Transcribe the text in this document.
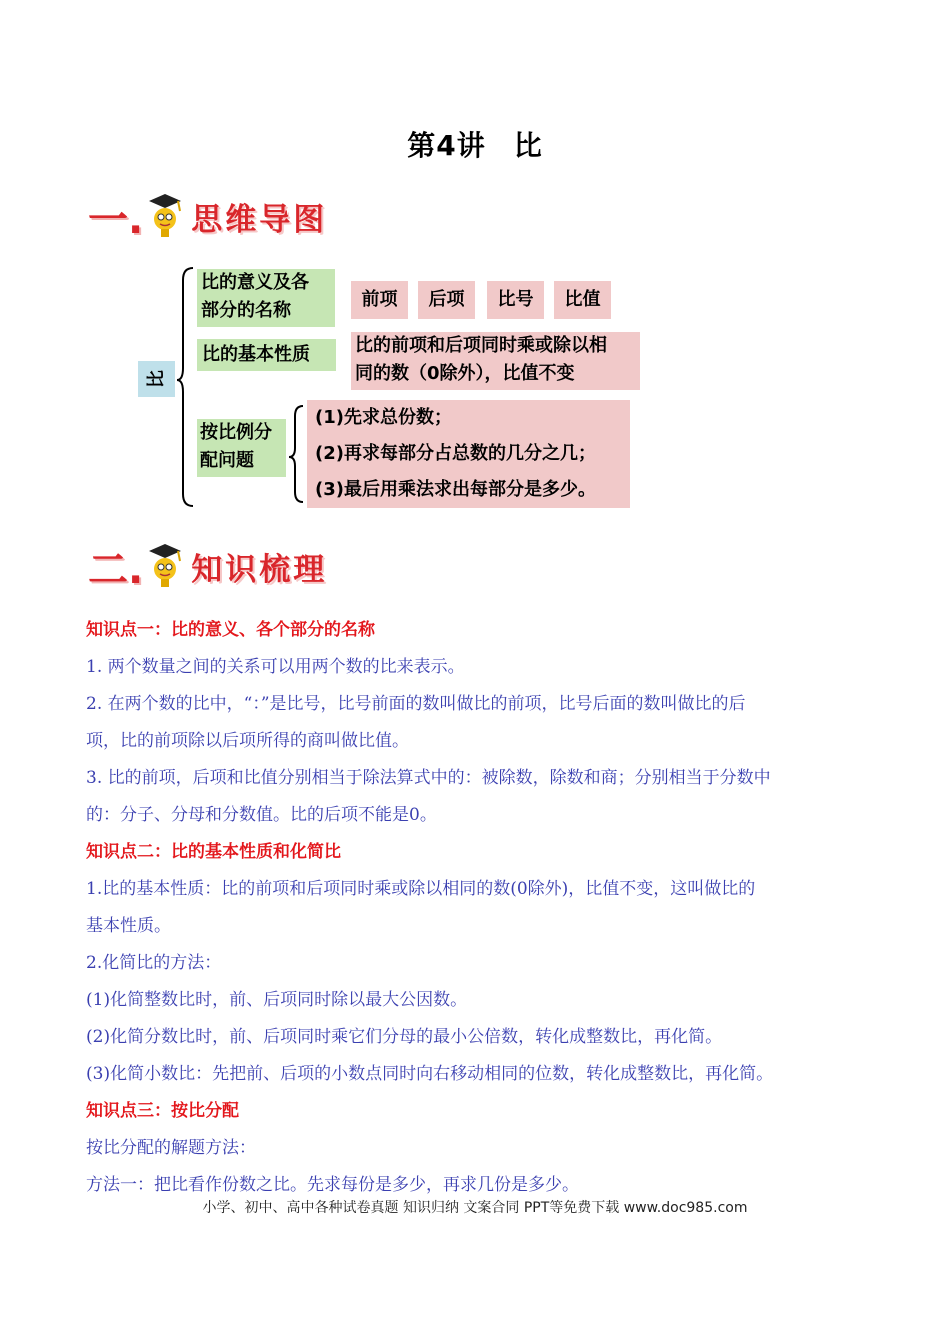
第4讲 比
一. 思维导图
比
比的意义及各
部分的名称
前项	后项	比号	比值
比的基本性质	比的前项和后项同时乘或除以相
同的数（0除外），比值不变
按比例分
配问题
(1)先求总份数；
(2)再求每部分占总数的几分之几；
(3)最后用乘法求出每部分是多少。
二. 知识梳理
知识点一：比的意义、各个部分的名称
1. 两个数量之间的关系可以用两个数的比来表示。
2. 在两个数的比中，“：”是比号，比号前面的数叫做比的前项，比号后面的数叫做比的后
项，比的前项除以后项所得的商叫做比值。
3. 比的前项，后项和比值分别相当于除法算式中的：被除数，除数和商；分别相当于分数中
的：分子、分母和分数值。比的后项不能是0。
知识点二：比的基本性质和化简比
1.比的基本性质：比的前项和后项同时乘或除以相同的数(0除外)，比值不变，这叫做比的
基本性质。
2.化简比的方法：
(1)化简整数比时，前、后项同时除以最大公因数。
(2)化简分数比时，前、后项同时乘它们分母的最小公倍数，转化成整数比，再化简。
(3)化简小数比：先把前、后项的小数点同时向右移动相同的位数，转化成整数比，再化简。
知识点三：按比分配
按比分配的解题方法：
方法一：把比看作份数之比。先求每份是多少，再求几份是多少。
小学、初中、高中各种试卷真题 知识归纳 文案合同 PPT等免费下载 www.doc985.com
